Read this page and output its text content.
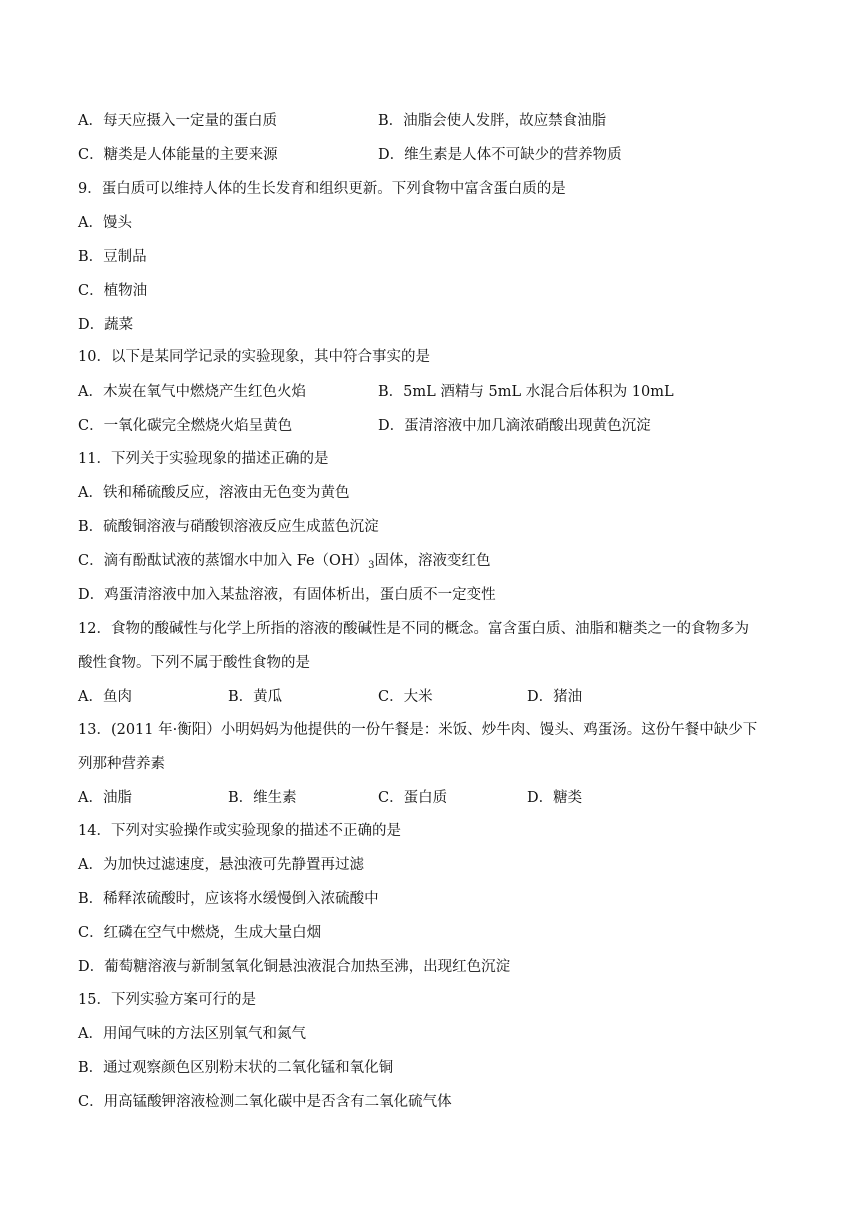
A．每天应摄入一定量的蛋白质	B．油脂会使人发胖，故应禁食油脂
C．糖类是人体能量的主要来源	D．维生素是人体不可缺少的营养物质
9．蛋白质可以维持人体的生长发育和组织更新。下列食物中富含蛋白质的是
A．馒头
B．豆制品
C．植物油
D．蔬菜
10．以下是某同学记录的实验现象，其中符合事实的是
A．木炭在氧气中燃烧产生红色火焰	B．5mL 酒精与 5mL 水混合后体积为 10mL
C．一氧化碳完全燃烧火焰呈黄色	D．蛋清溶液中加几滴浓硝酸出现黄色沉淀
11．下列关于实验现象的描述正确的是
A．铁和稀硫酸反应，溶液由无色变为黄色
B．硫酸铜溶液与硝酸钡溶液反应生成蓝色沉淀
C．滴有酚酞试液的蒸馏水中加入 $Fe(OH)_3$固体，溶液变红色
D．鸡蛋清溶液中加入某盐溶液，有固体析出，蛋白质不一定变性
12．食物的酸碱性与化学上所指的溶液的酸碱性是不同的概念。富含蛋白质、油脂和糖类之一的食物多为
酸性食物。下列不属于酸性食物的是
A．鱼肉	B．黄瓜	C．大米	D．猪油
13．(2011 年·衡阳）小明妈妈为他提供的一份午餐是：米饭、炒牛肉、馒头、鸡蛋汤。这份午餐中缺少下
列那种营养素
A．油脂	B．维生素	C．蛋白质	D．糖类
14．下列对实验操作或实验现象的描述不正确的是
A．为加快过滤速度，悬浊液可先静置再过滤
B．稀释浓硫酸时，应该将水缓慢倒入浓硫酸中
C．红磷在空气中燃烧，生成大量白烟
D．葡萄糖溶液与新制氢氧化铜悬浊液混合加热至沸，出现红色沉淀
15．下列实验方案可行的是
A．用闻气味的方法区别氧气和氮气
B．通过观察颜色区别粉末状的二氧化锰和氧化铜
C．用高锰酸钾溶液检测二氧化碳中是否含有二氧化硫气体
